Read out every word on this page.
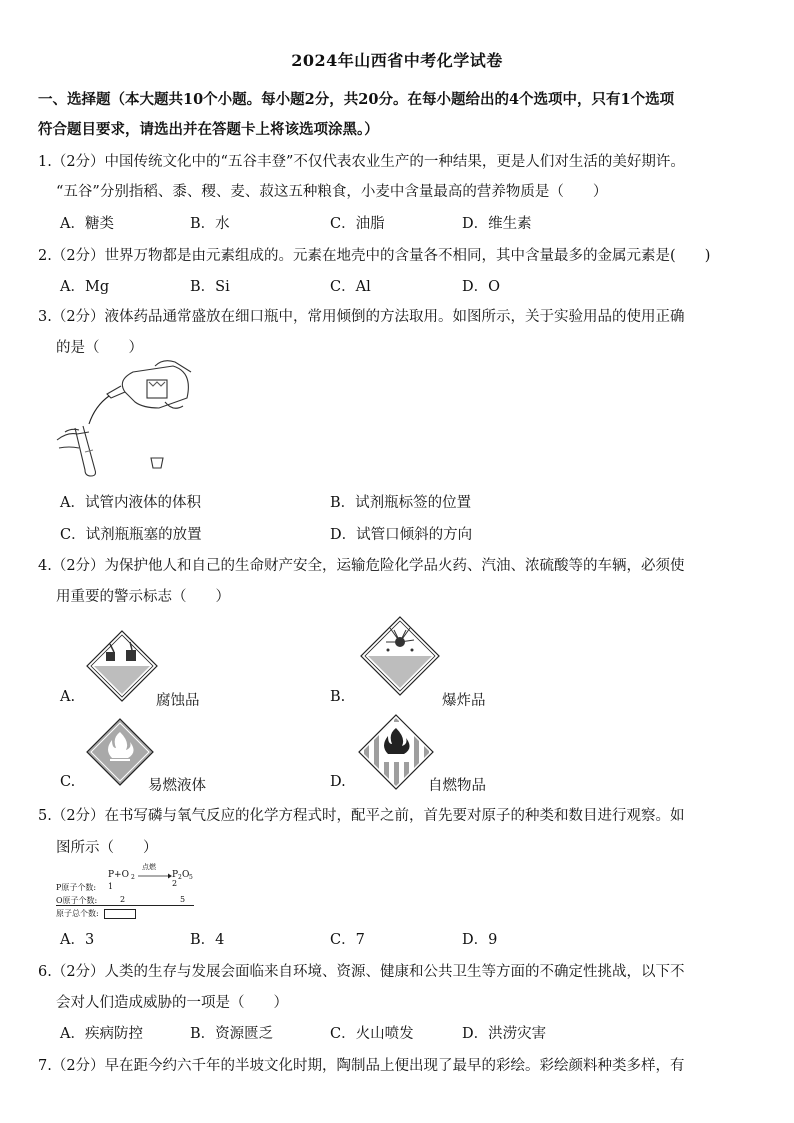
2024年山西省中考化学试卷
一、选择题（本大题共10个小题。每小题2分，共20分。在每小题给出的4个选项中，只有1个选项
符合题目要求，请选出并在答题卡上将该选项涂黑。）
1.（2分）中国传统文化中的“五谷丰登”不仅代表农业生产的一种结果，更是人们对生活的美好期许。
“五谷”分别指稻、黍、稷、麦、菽这五种粮食，小麦中含量最高的营养物质是（　　）
A．糖类	B．水	C．油脂	D．维生素
2.（2分）世界万物都是由元素组成的。元素在地壳中的含量各不相同，其中含量最多的金属元素是(　　)
A．Mg	B．Si	C．Al	D．O
3.（2分）液体药品通常盛放在细口瓶中，常用倾倒的方法取用。如图所示，关于实验用品的使用正确
的是（　　）
A．试管内液体的体积	B．试剂瓶标签的位置
C．试剂瓶瓶塞的放置	D．试管口倾斜的方向
4.（2分）为保护他人和自己的生命财产安全，运输危险化学品火药、汽油、浓硫酸等的车辆，必须使
用重要的警示标志（　　）
A.	腐蚀品	B.	爆炸品
C.	易燃液体	D.	自燃物品
5.（2分）在书写磷与氧气反应的化学方程式时，配平之前，首先要对原子的种类和数目进行观察。如
图所示（　　）
P+O 2
点燃
→ P 2 O 5
P原子个数: 1	2
O原子个数:	2	5
原子总个数:
A．3	B．4	C．7	D．9
6.（2分）人类的生存与发展会面临来自环境、资源、健康和公共卫生等方面的不确定性挑战，以下不
会对人们造成威胁的一项是（　　）
A．疾病防控	B．资源匮乏	C．火山喷发	D．洪涝灾害
7.（2分）早在距今约六千年的半坡文化时期，陶制品上便出现了最早的彩绘。彩绘颜料种类多样，有
